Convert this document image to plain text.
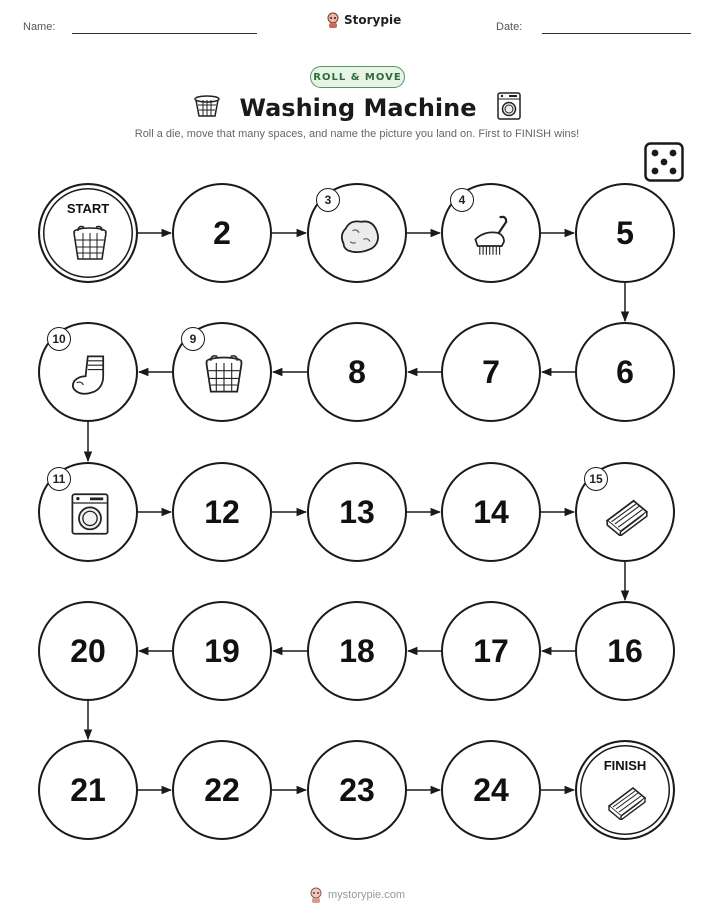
Name:	Storypie	Date:
ROLL & MOVE
Washing Machine
Roll a die, move that many spaces, and name the picture you land on. First to FINISH wins!
START
2
3	4
5
6
7
8
9
10
11
12	13	14
15
16
17
18
19
20
21	22	23	24
FINISH
mystorypie.com
